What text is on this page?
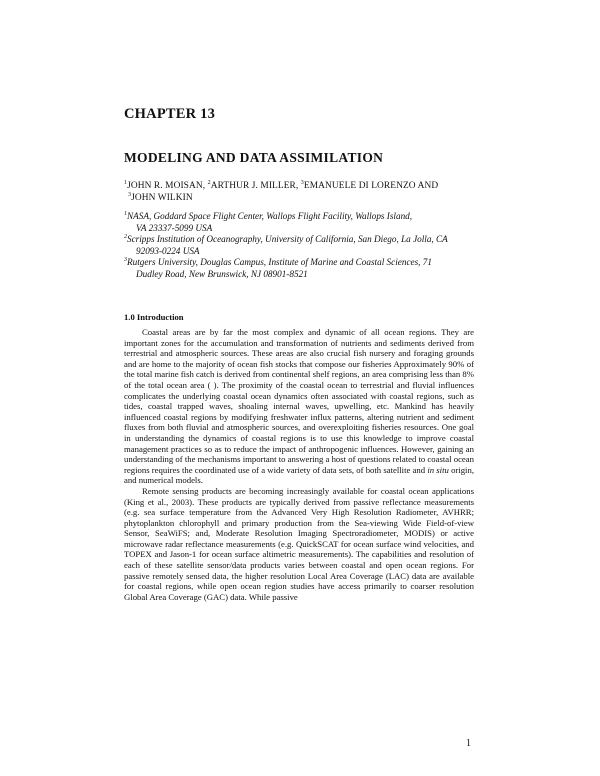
CHAPTER 13
MODELING AND DATA ASSIMILATION
$^1$JOHN R. MOISAN, $^2$ARTHUR J. MILLER, $^3$EMANUELE DI LORENZO AND
$^3$JOHN WILKIN
$^1$NASA, Goddard Space Flight Center, Wallops Flight Facility, Wallops Island,
VA 23337-5099 USA
$^2$Scripps Institution of Oceanography, University of California, San Diego, La Jolla, CA
92093-0224 USA
$^3$Rutgers University, Douglas Campus, Institute of Marine and Coastal Sciences, 71
Dudley Road, New Brunswick, NJ 08901-8521
1.0 Introduction

Coastal areas are by far the most complex and dynamic of all ocean regions. They are important zones for the accumulation and transformation of nutrients and sediments derived from terrestrial and atmospheric sources. These areas are also crucial fish nursery and foraging grounds and are home to the majority of ocean fish stocks that compose our fisheries Approximately 90% of the total marine fish catch is derived from continental shelf regions, an area comprising less than 8% of the total ocean area ( ). The proximity of the coastal ocean to terrestrial and fluvial influences complicates the underlying coastal ocean dynamics often associated with coastal regions, such as tides, coastal trapped waves, shoaling internal waves, upwelling, etc. Mankind has heavily influenced coastal regions by modifying freshwater influx patterns, altering nutrient and sediment fluxes from both fluvial and atmospheric sources, and overexploiting fisheries resources. One goal in understanding the dynamics of coastal regions is to use this knowledge to improve coastal management practices so as to reduce the impact of anthropogenic influences. However, gaining an understanding of the mechanisms important to answering a host of questions related to coastal ocean regions requires the coordinated use of a wide variety of data sets, of both satellite and in situ origin, and numerical models.

Remote sensing products are becoming increasingly available for coastal ocean applications (King et al., 2003). These products are typically derived from passive reflectance measurements (e.g. sea surface temperature from the Advanced Very High Resolution Radiometer, AVHRR; phytoplankton chlorophyll and primary production from the Sea-viewing Wide Field-of-view Sensor, SeaWiFS; and, Moderate Resolution Imaging Spectroradiometer, MODIS) or active microwave radar reflectance measurements (e.g. QuickSCAT for ocean surface wind velocities, and TOPEX and Jason-1 for ocean surface altimetric measurements). The capabilities and resolution of each of these satellite sensor/data products varies between coastal and open ocean regions. For passive remotely sensed data, the higher resolution Local Area Coverage (LAC) data are available for coastal regions, while open ocean region studies have access primarily to coarser resolution Global Area Coverage (GAC) data. While passive

1
